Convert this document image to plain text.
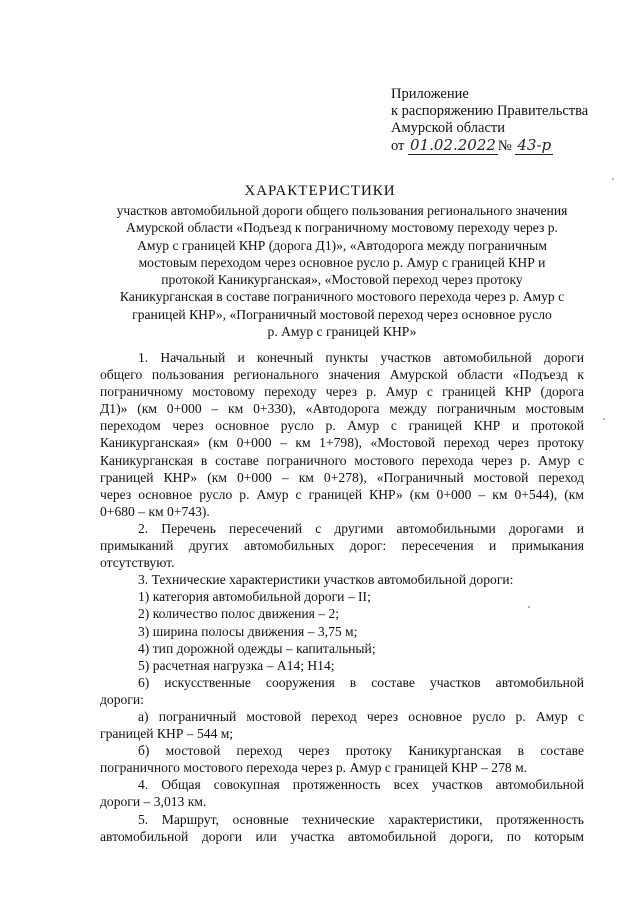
Приложение
к распоряжению Правительства
Амурской области
от 01.02.2022 № 43-р
ХАРАКТЕРИСТИКИ
участков автомобильной дороги общего пользования регионального значения
Амурской области «Подъезд к пограничному мостовому переходу через р.
Амур с границей КНР (дорога Д1)», «Автодорога между пограничным
мостовым переходом через основное русло р. Амур с границей КНР и
протокой Каникурганская», «Мостовой переход через протоку
Каникурганская в составе пограничного мостового перехода через р. Амур с
границей КНР», «Пограничный мостовой переход через основное русло
р. Амур с границей КНР»
1. Начальный и конечный пункты участков автомобильной дороги
общего пользования регионального значения Амурской области «Подъезд к
пограничному мостовому переходу через р. Амур с границей КНР (дорога
Д1)» (км 0+000 – км 0+330), «Автодорога между пограничным мостовым
переходом через основное русло р. Амур с границей КНР и протокой
Каникурганская» (км 0+000 – км 1+798), «Мостовой переход через протоку
Каникурганская в составе пограничного мостового перехода через р. Амур с
границей КНР» (км 0+000 – км 0+278), «Пограничный мостовой переход
через основное русло р. Амур с границей КНР» (км 0+000 – км 0+544), (км
0+680 – км 0+743).
2. Перечень пересечений с другими автомобильными дорогами и
примыканий других автомобильных дорог: пересечения и примыкания
отсутствуют.
3. Технические характеристики участков автомобильной дороги:
1) категория автомобильной дороги – II;
2) количество полос движения – 2;
3) ширина полосы движения – 3,75 м;
4) тип дорожной одежды – капитальный;
5) расчетная нагрузка – А14; Н14;
6) искусственные сооружения в составе участков автомобильной
дороги:
а) пограничный мостовой переход через основное русло р. Амур с
границей КНР – 544 м;
б) мостовой переход через протоку Каникурганская в составе
пограничного мостового перехода через р. Амур с границей КНР – 278 м.
4. Общая совокупная протяженность всех участков автомобильной
дороги – 3,013 км.
5. Маршрут, основные технические характеристики, протяженность
автомобильной дороги или участка автомобильной дороги, по которым
